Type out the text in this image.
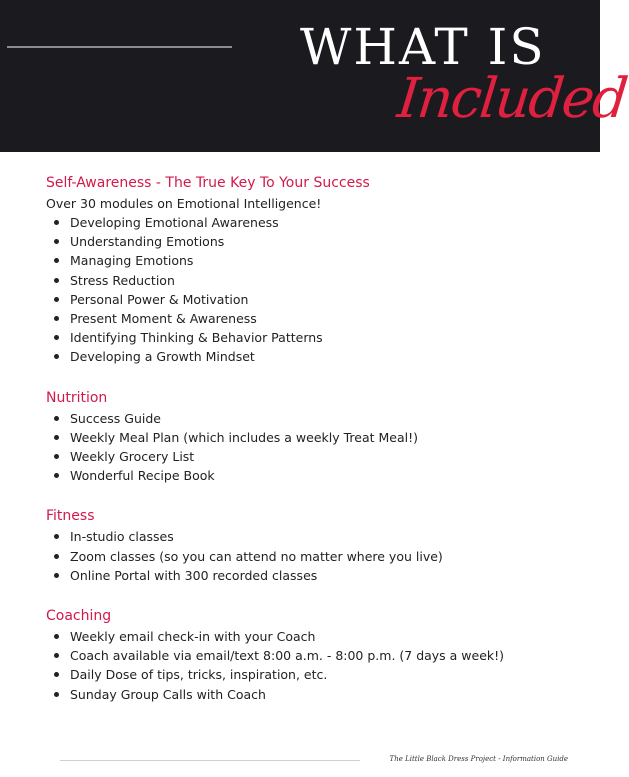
WHAT IS
Included
Self-Awareness - The True Key To Your Success
Over 30 modules on Emotional Intelligence!
Developing Emotional Awareness
Understanding Emotions
Managing Emotions
Stress Reduction
Personal Power & Motivation
Present Moment & Awareness
Identifying Thinking & Behavior Patterns
Developing a Growth Mindset
Nutrition
Success Guide
Weekly Meal Plan (which includes a weekly Treat Meal!)
Weekly Grocery List
Wonderful Recipe Book
Fitness
In-studio classes
Zoom classes (so you can attend no matter where you live)
Online Portal with 300 recorded classes
Coaching
Weekly email check-in with your Coach
Coach available via email/text 8:00 a.m. - 8:00 p.m. (7 days a week!)
Daily Dose of tips, tricks, inspiration, etc.
Sunday Group Calls with Coach
The Little Black Dress Project - Information Guide
